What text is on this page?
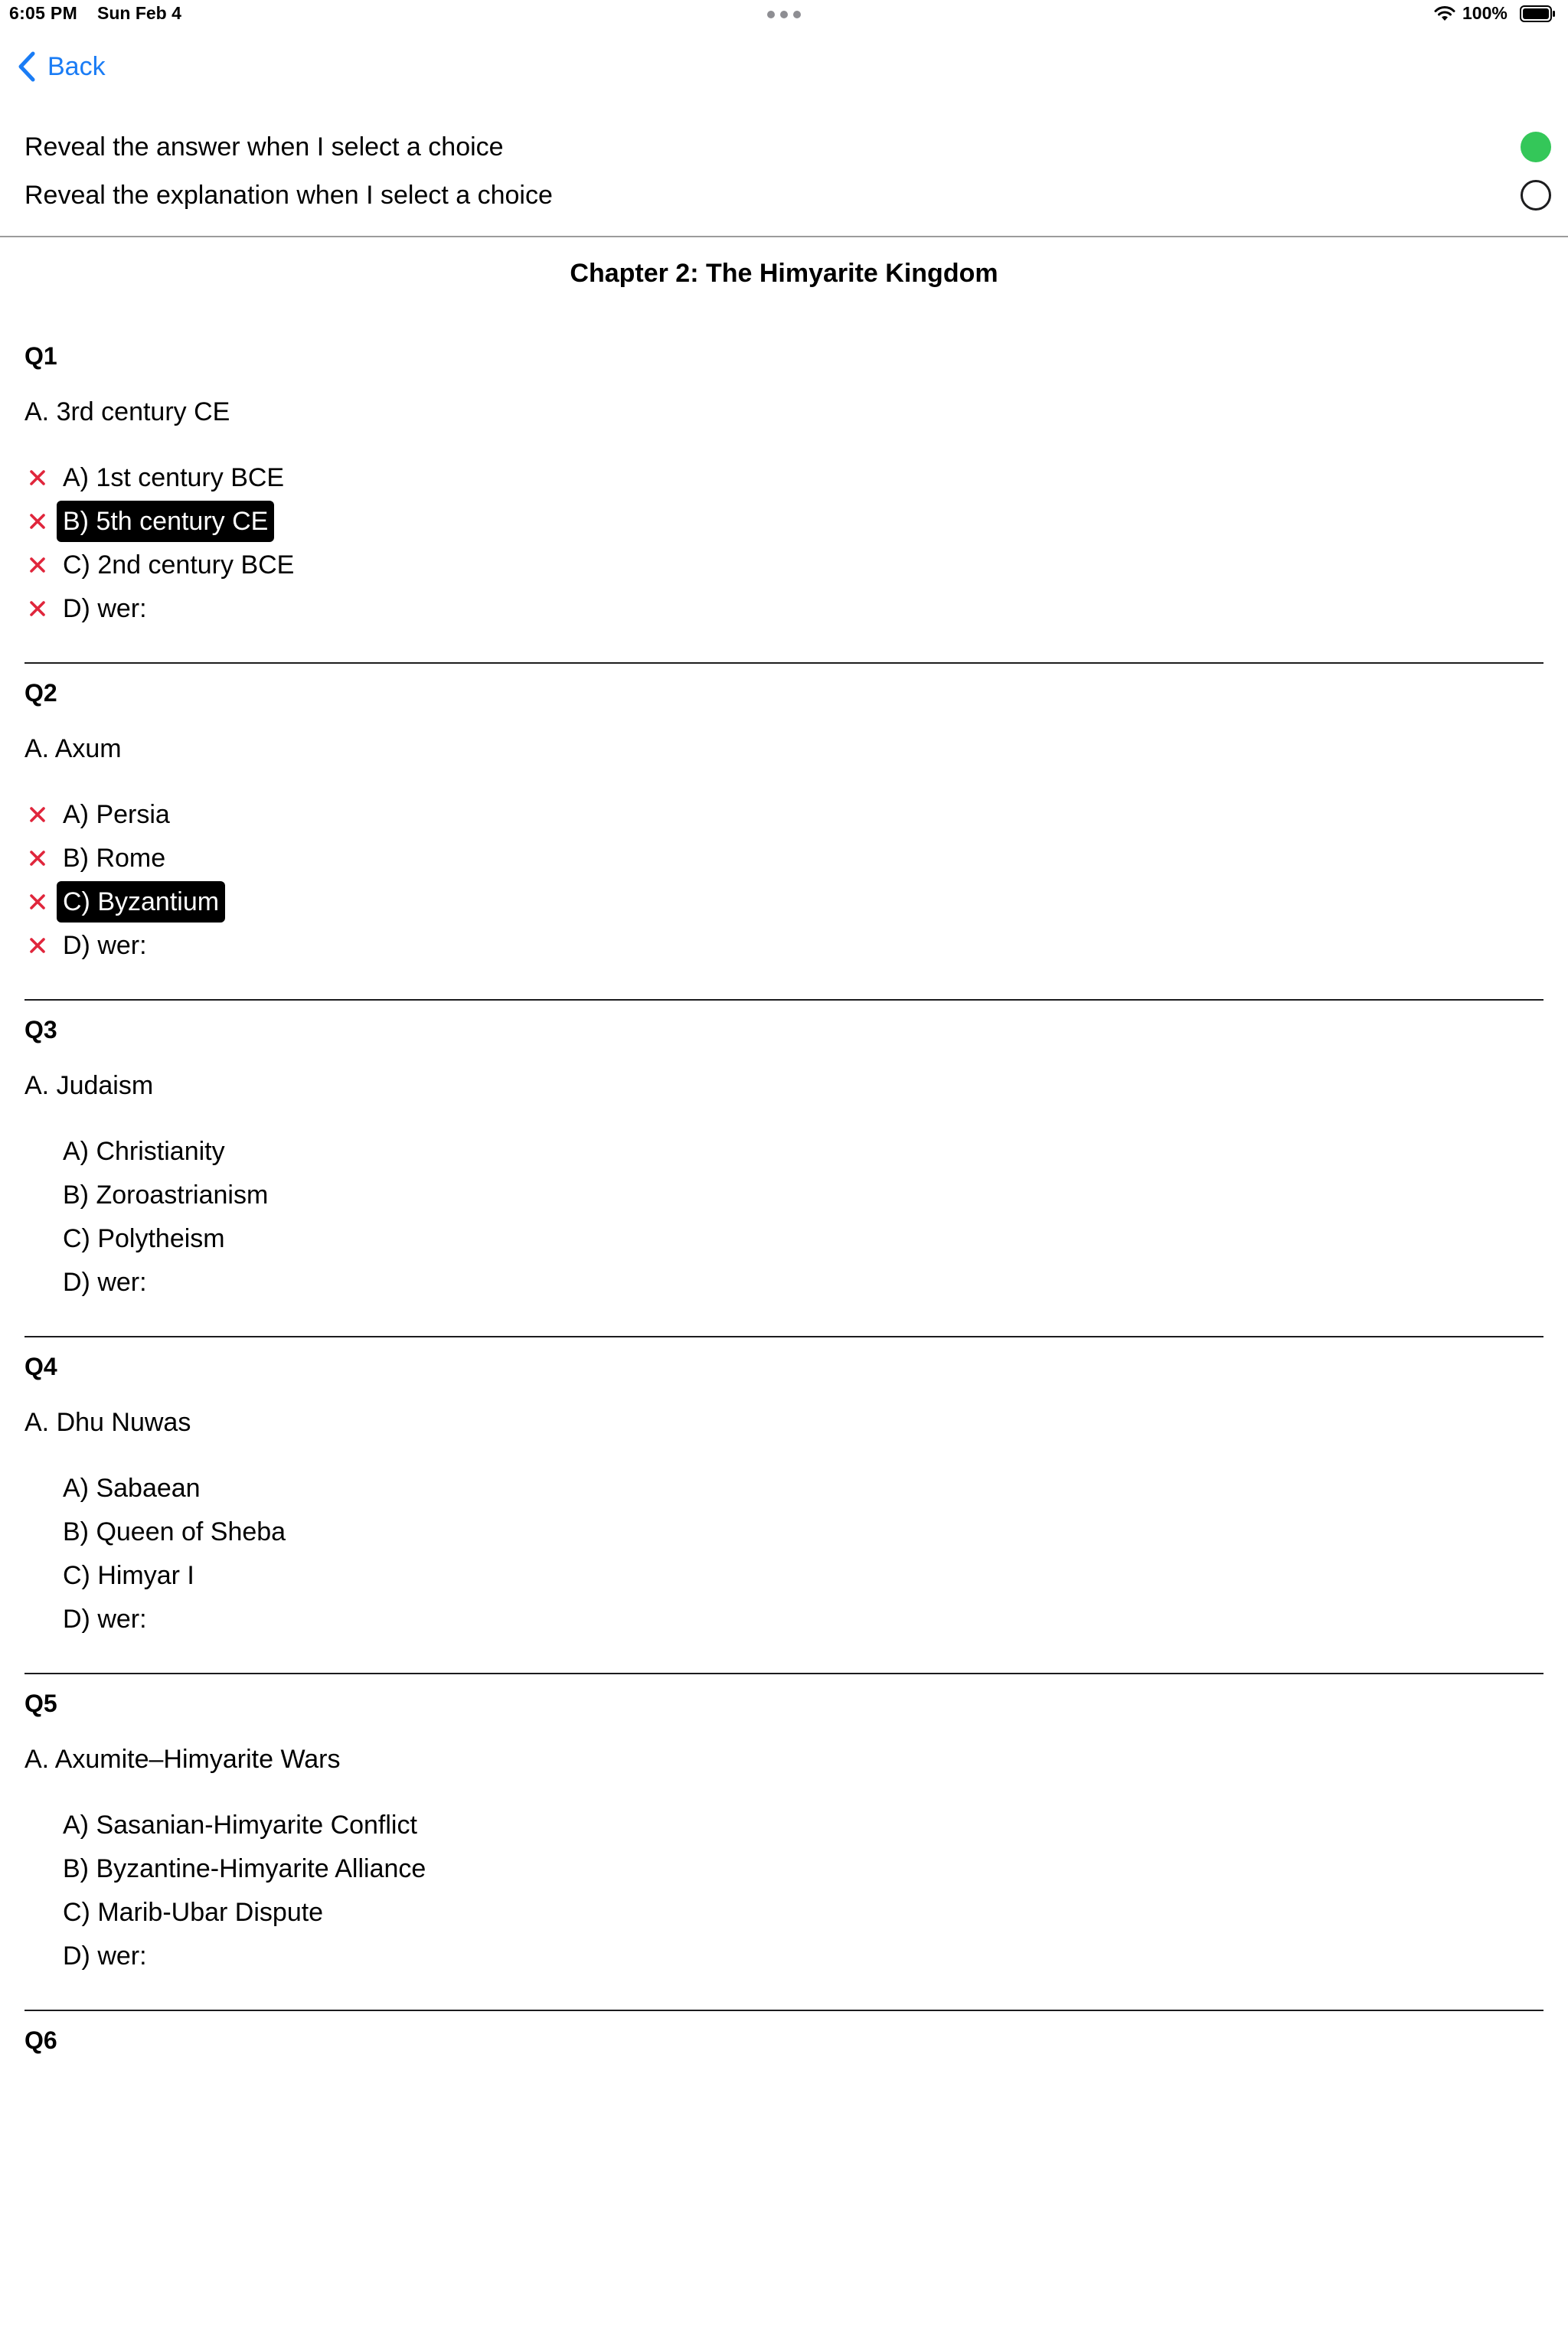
6:05 PM Sun Feb 4	100%
Back
Reveal the answer when I select a choice
Reveal the explanation when I select a choice
Chapter 2: The Himyarite Kingdom
Q1
A. 3rd century CE
A) 1st century BCE
B) 5th century CE
C) 2nd century BCE
D) wer:
Q2
A. Axum
A) Persia
B) Rome
C) Byzantium
D) wer:
Q3
A. Judaism
A) Christianity
B) Zoroastrianism
C) Polytheism
D) wer:
Q4
A. Dhu Nuwas
A) Sabaean
B) Queen of Sheba
C) Himyar I
D) wer:
Q5
A. Axumite–Himyarite Wars
A) Sasanian-Himyarite Conflict
B) Byzantine-Himyarite Alliance
C) Marib-Ubar Dispute
D) wer:
Q6
